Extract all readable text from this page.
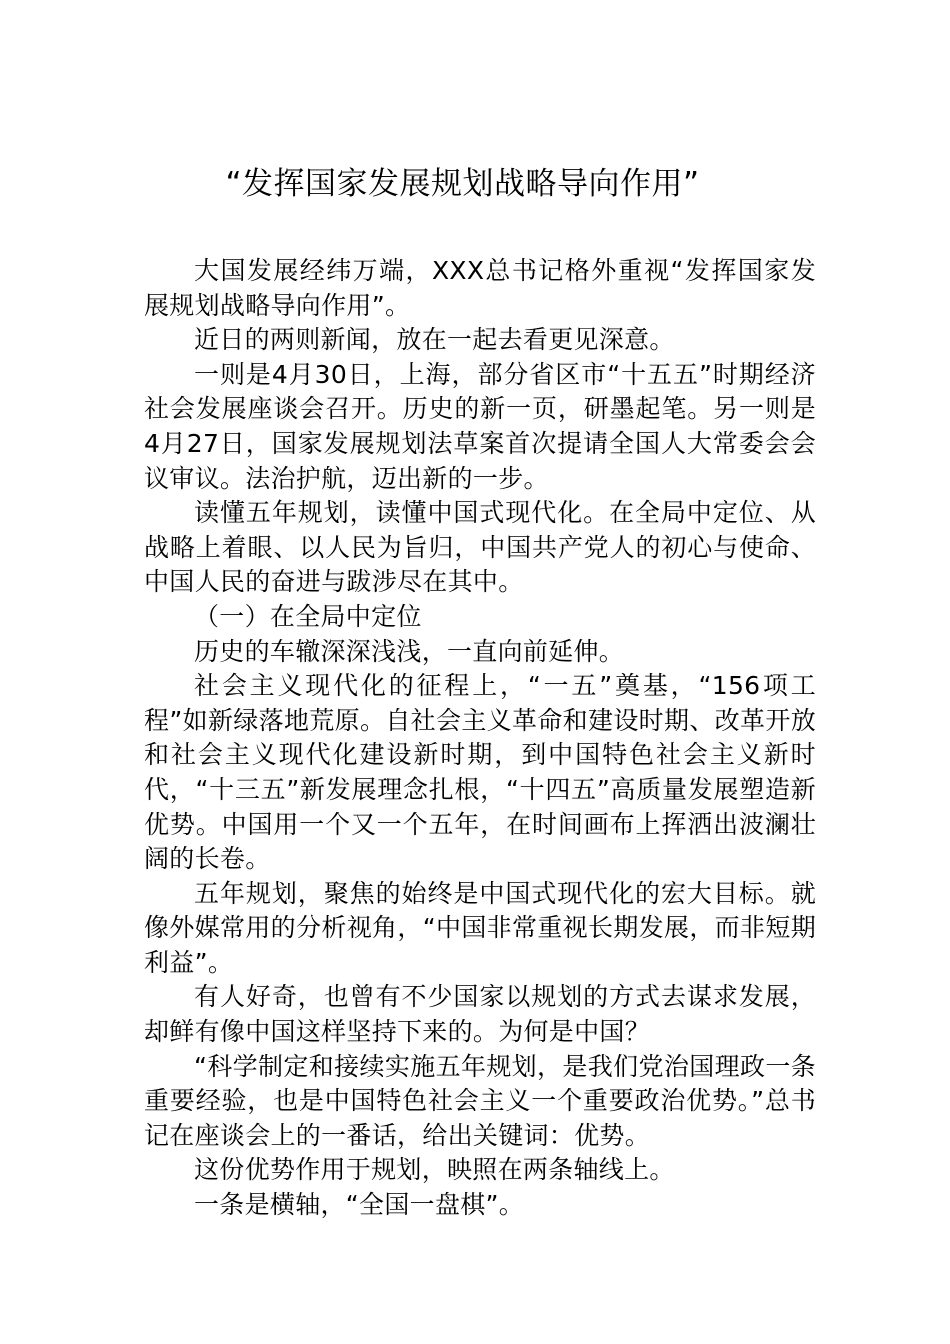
“发挥国家发展规划战略导向作用”

大国发展经纬万端，XXX总书记格外重视“发挥国家发展规划战略导向作用”。

近日的两则新闻，放在一起去看更见深意。

一则是4月30日，上海，部分省区市“十五五”时期经济社会发展座谈会召开。历史的新一页，研墨起笔。另一则是4月27日，国家发展规划法草案首次提请全国人大常委会会议审议。法治护航，迈出新的一步。

读懂五年规划，读懂中国式现代化。在全局中定位、从战略上着眼、以人民为旨归，中国共产党人的初心与使命、中国人民的奋进与跋涉尽在其中。

（一）在全局中定位

历史的车辙深深浅浅，一直向前延伸。

社会主义现代化的征程上，“一五”奠基，“156项工程”如新绿落地荒原。自社会主义革命和建设时期、改革开放和社会主义现代化建设新时期，到中国特色社会主义新时代，“十三五”新发展理念扎根，“十四五”高质量发展塑造新优势。中国用一个又一个五年，在时间画布上挥洒出波澜壮阔的长卷。

五年规划，聚焦的始终是中国式现代化的宏大目标。就像外媒常用的分析视角，“中国非常重视长期发展，而非短期利益”。

有人好奇，也曾有不少国家以规划的方式去谋求发展，却鲜有像中国这样坚持下来的。为何是中国？

“科学制定和接续实施五年规划，是我们党治国理政一条重要经验，也是中国特色社会主义一个重要政治优势。”总书记在座谈会上的一番话，给出关键词：优势。

这份优势作用于规划，映照在两条轴线上。

一条是横轴，“全国一盘棋”。
